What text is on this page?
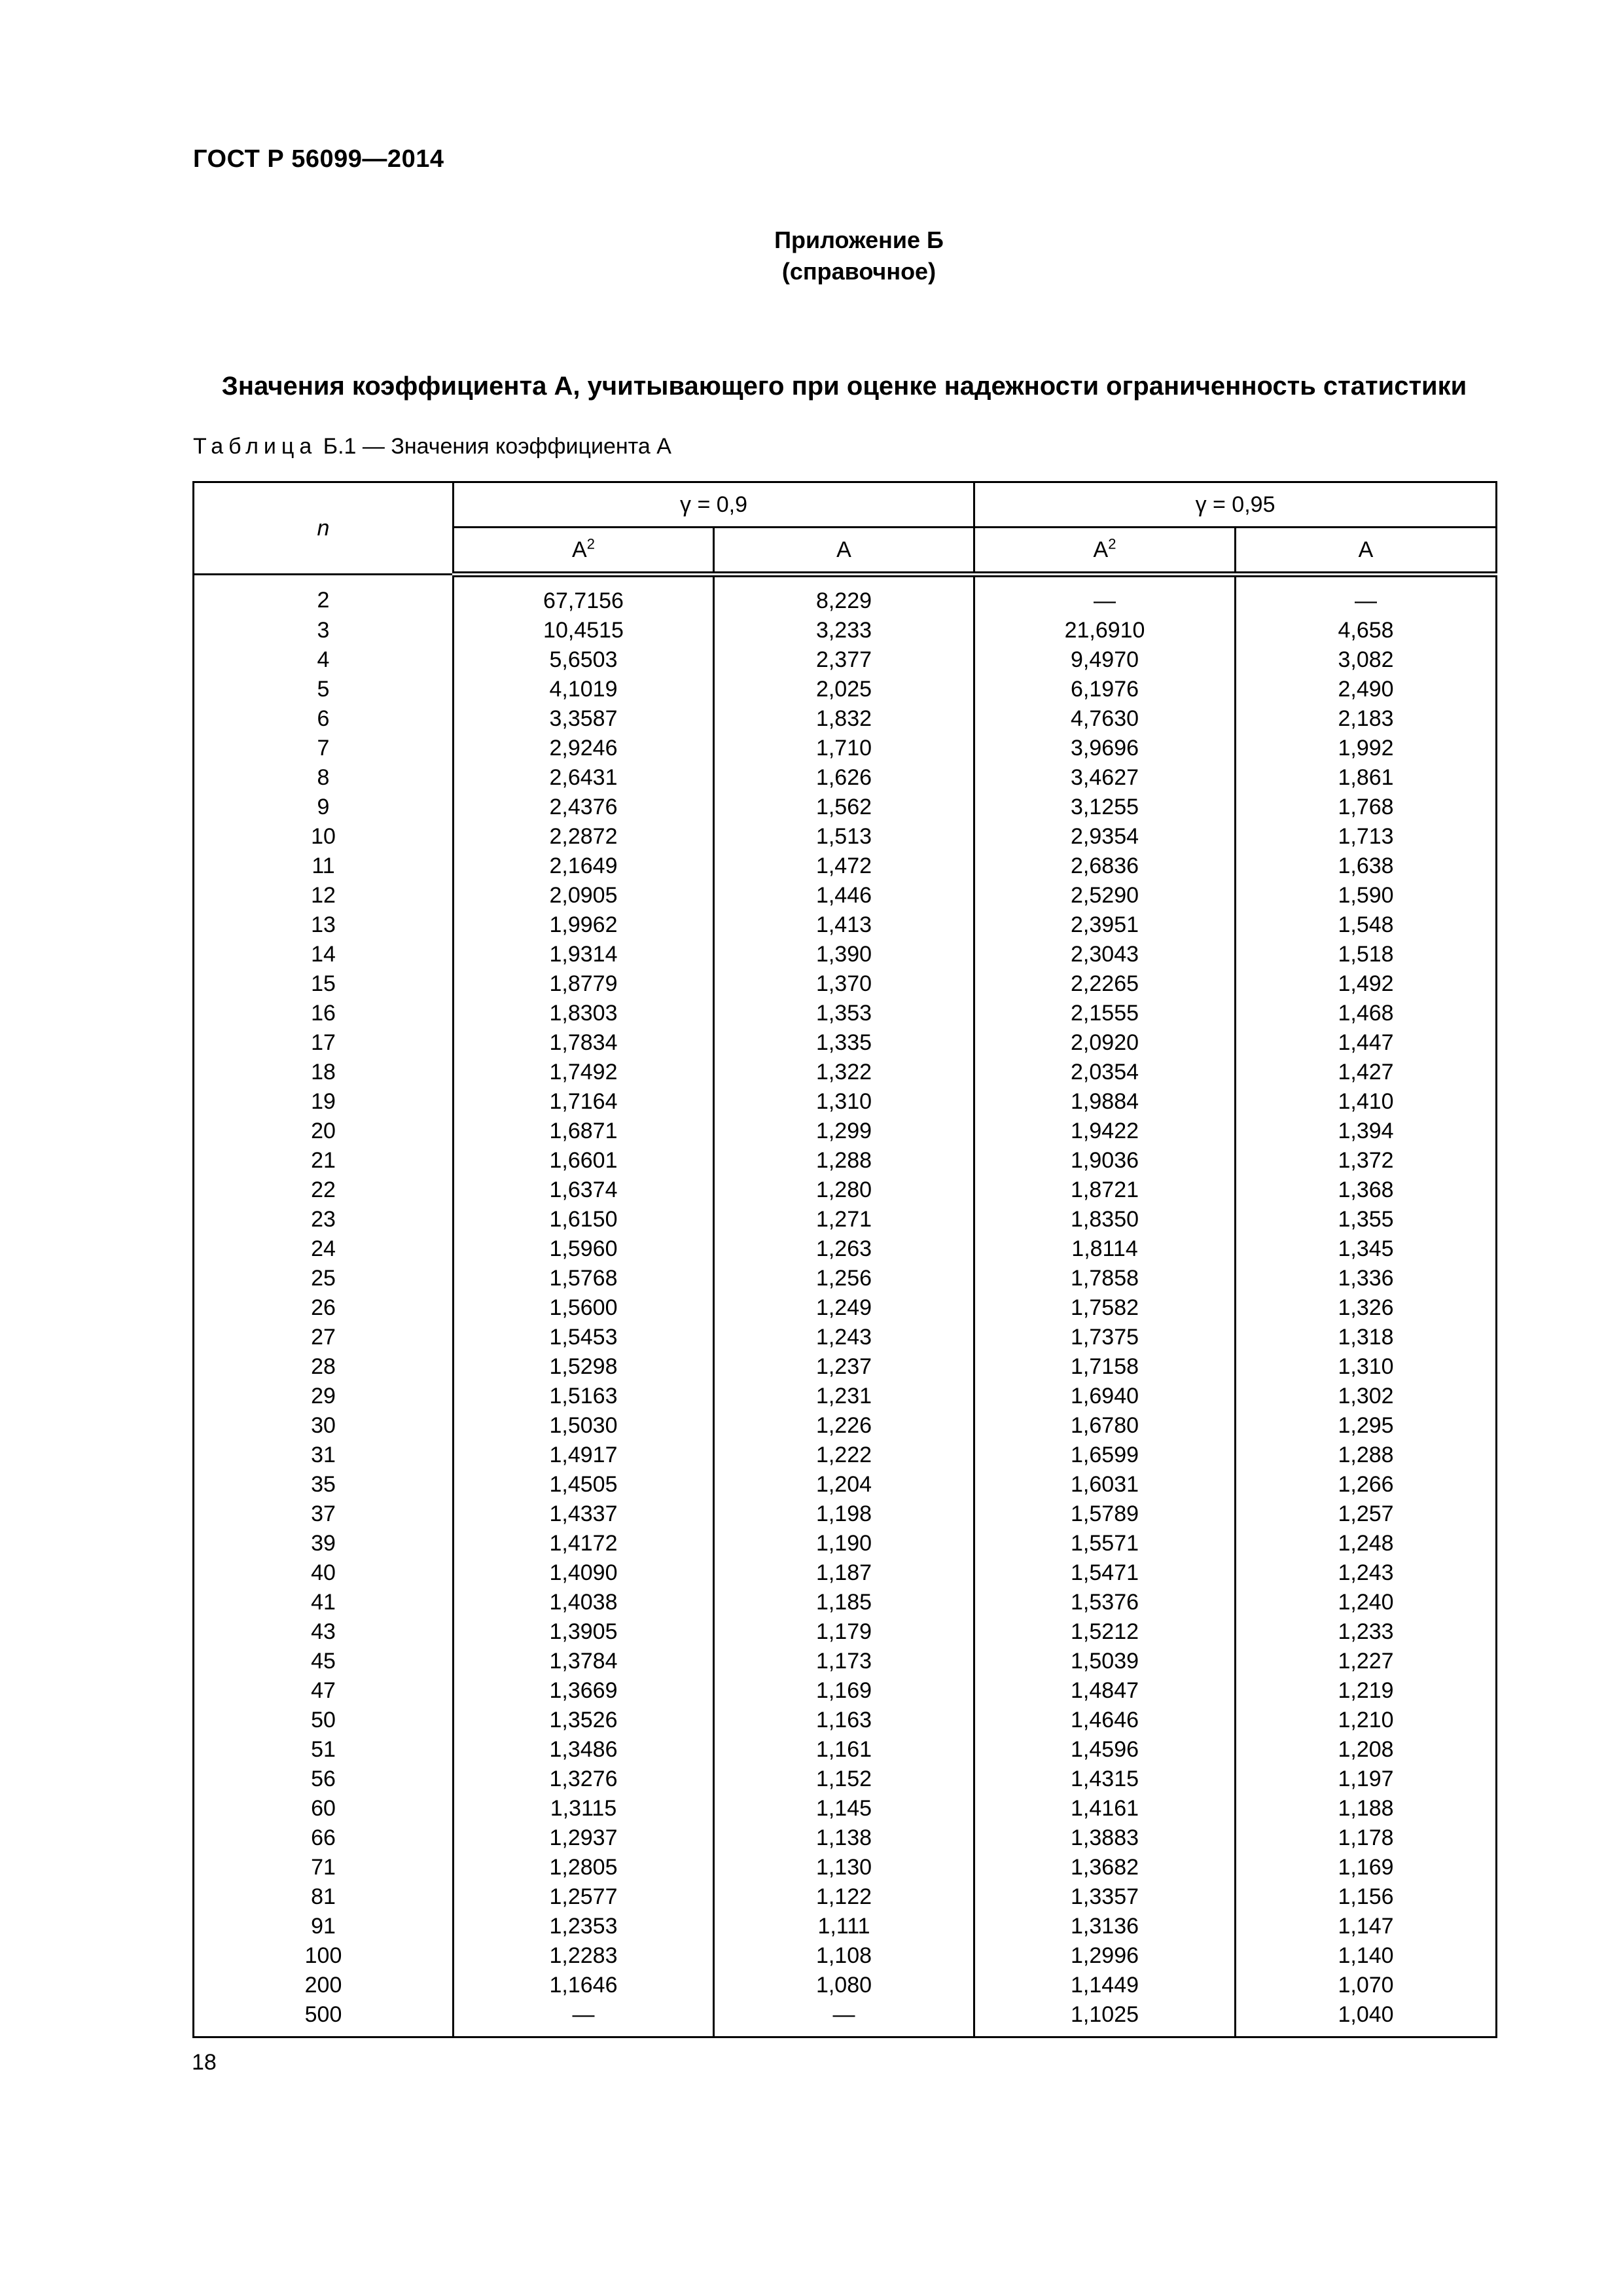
ГОСТ Р 56099—2014

Приложение Б

(справочное)

Значения коэффициента А, учитывающего при оценке надежности ограниченность статистики
Таблица Б.1 — Значения коэффициента А
n	γ = 0,9		γ = 0,95	
	$A^2$	A	$A^2$	A
2	67,7156	8,229	—	—
3	10,4515	3,233	21,6910	4,658
4	5,6503	2,377	9,4970	3,082
5	4,1019	2,025	6,1976	2,490
6	3,3587	1,832	4,7630	2,183
7	2,9246	1,710	3,9696	1,992
8	2,6431	1,626	3,4627	1,861
9	2,4376	1,562	3,1255	1,768
10	2,2872	1,513	2,9354	1,713
11	2,1649	1,472	2,6836	1,638
12	2,0905	1,446	2,5290	1,590
13	1,9962	1,413	2,3951	1,548
14	1,9314	1,390	2,3043	1,518
15	1,8779	1,370	2,2265	1,492
16	1,8303	1,353	2,1555	1,468
17	1,7834	1,335	2,0920	1,447
18	1,7492	1,322	2,0354	1,427
19	1,7164	1,310	1,9884	1,410
20	1,6871	1,299	1,9422	1,394
21	1,6601	1,288	1,9036	1,372
22	1,6374	1,280	1,8721	1,368
23	1,6150	1,271	1,8350	1,355
24	1,5960	1,263	1,8114	1,345
25	1,5768	1,256	1,7858	1,336
26	1,5600	1,249	1,7582	1,326
27	1,5453	1,243	1,7375	1,318
28	1,5298	1,237	1,7158	1,310
29	1,5163	1,231	1,6940	1,302
30	1,5030	1,226	1,6780	1,295
31	1,4917	1,222	1,6599	1,288
35	1,4505	1,204	1,6031	1,266
37	1,4337	1,198	1,5789	1,257
39	1,4172	1,190	1,5571	1,248
40	1,4090	1,187	1,5471	1,243
41	1,4038	1,185	1,5376	1,240
43	1,3905	1,179	1,5212	1,233
45	1,3784	1,173	1,5039	1,227
47	1,3669	1,169	1,4847	1,219
50	1,3526	1,163	1,4646	1,210
51	1,3486	1,161	1,4596	1,208
56	1,3276	1,152	1,4315	1,197
60	1,3115	1,145	1,4161	1,188
66	1,2937	1,138	1,3883	1,178
71	1,2805	1,130	1,3682	1,169
81	1,2577	1,122	1,3357	1,156
91	1,2353	1,111	1,3136	1,147
100	1,2283	1,108	1,2996	1,140
200	1,1646	1,080	1,1449	1,070
500	—	—	1,1025	1,040
18
